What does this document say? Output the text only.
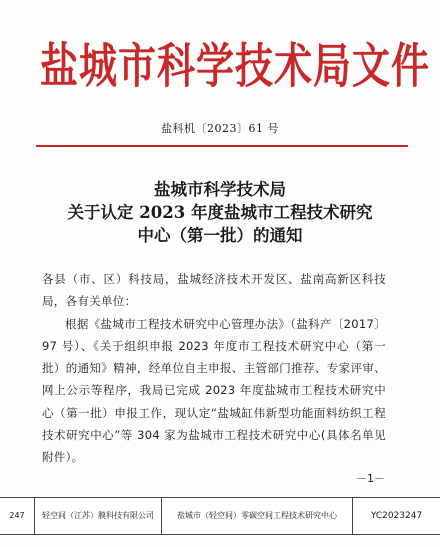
盐城市科学技术局文件
盐科机〔2023〕61 号
盐城市科学技术局
关于认定 2023 年度盐城市工程技术研究
中心（第一批）的通知

各县（市、区）科技局，盐城经济技术开发区、盐南高新区科技局，各有关单位：

根据《盐城市工程技术研究中心管理办法》（盐科产〔2017〕97 号）、《关于组织申报 2023 年度市工程技术研究中心（第一批）的通知》精神，经单位自主申报、主管部门推荐、专家评审、网上公示等程序，我局已完成 2023 年度盐城市工程技术研究中心（第一批）申报工作，现认定“盐城缸伟新型功能面料纺织工程技术研究中心”等 304 家为盐城市工程技术研究中心(具体名单见附件）。

－1－
247	轻空间（江苏）膜科技有限公司	盐城市（轻空间）零碳空间工程技术研究中心	YC2023247
